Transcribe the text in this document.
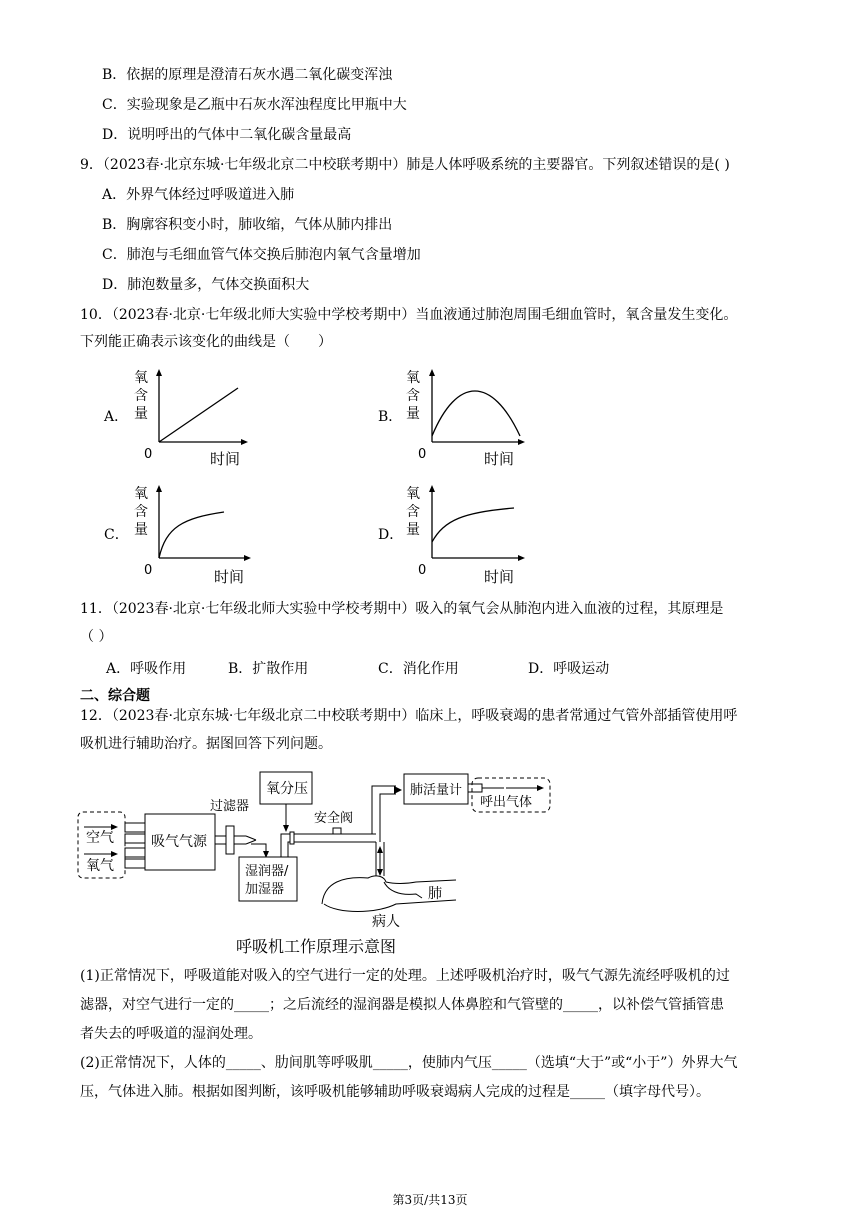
B．依据的原理是澄清石灰水遇二氧化碳变浑浊
C．实验现象是乙瓶中石灰水浑浊程度比甲瓶中大
D．说明呼出的气体中二氧化碳含量最高
9．（2023春·北京东城·七年级北京二中校联考期中）肺是人体呼吸系统的主要器官。下列叙述错误的是( )
A．外界气体经过呼吸道进入肺
B．胸廓容积变小时，肺收缩，气体从肺内排出
C．肺泡与毛细血管气体交换后肺泡内氧气含量增加
D．肺泡数量多，气体交换面积大
10．（2023春·北京·七年级北师大实验中学校考期中）当血液通过肺泡周围毛细血管时，氧含量发生变化。
下列能正确表示该变化的曲线是（　　）
A．
氧
含
量
0	时间
B．
氧
含
量
0	时间
C．
氧
含
量
0	时间
D．
氧
含
量
0	时间
11．（2023春·北京·七年级北师大实验中学校考期中）吸入的氧气会从肺泡内进入血液的过程，其原理是
（ ）
A．呼吸作用	B．扩散作用	C．消化作用	D．呼吸运动
二、综合题
12．（2023春·北京东城·七年级北京二中校联考期中）临床上，呼吸衰竭的患者常通过气管外部插管使用呼
吸机进行辅助治疗。据图回答下列问题。
空气
氧气
吸气气源
过滤器
湿润器/
加湿器
氧分压
安全阀
肺活量计
呼出气体
肺
病人
呼吸机工作原理示意图
(1)正常情况下，呼吸道能对吸入的空气进行一定的处理。上述呼吸机治疗时，吸气气源先流经呼吸机的过
滤器，对空气进行一定的_____；之后流经的湿润器是模拟人体鼻腔和气管壁的_____，以补偿气管插管患
者失去的呼吸道的湿润处理。
(2)正常情况下，人体的_____、肋间肌等呼吸肌_____，使肺内气压_____（选填“大于”或“小于”）外界大气
压，气体进入肺。根据如图判断，该呼吸机能够辅助呼吸衰竭病人完成的过程是_____（填字母代号）。
第3页/共13页
